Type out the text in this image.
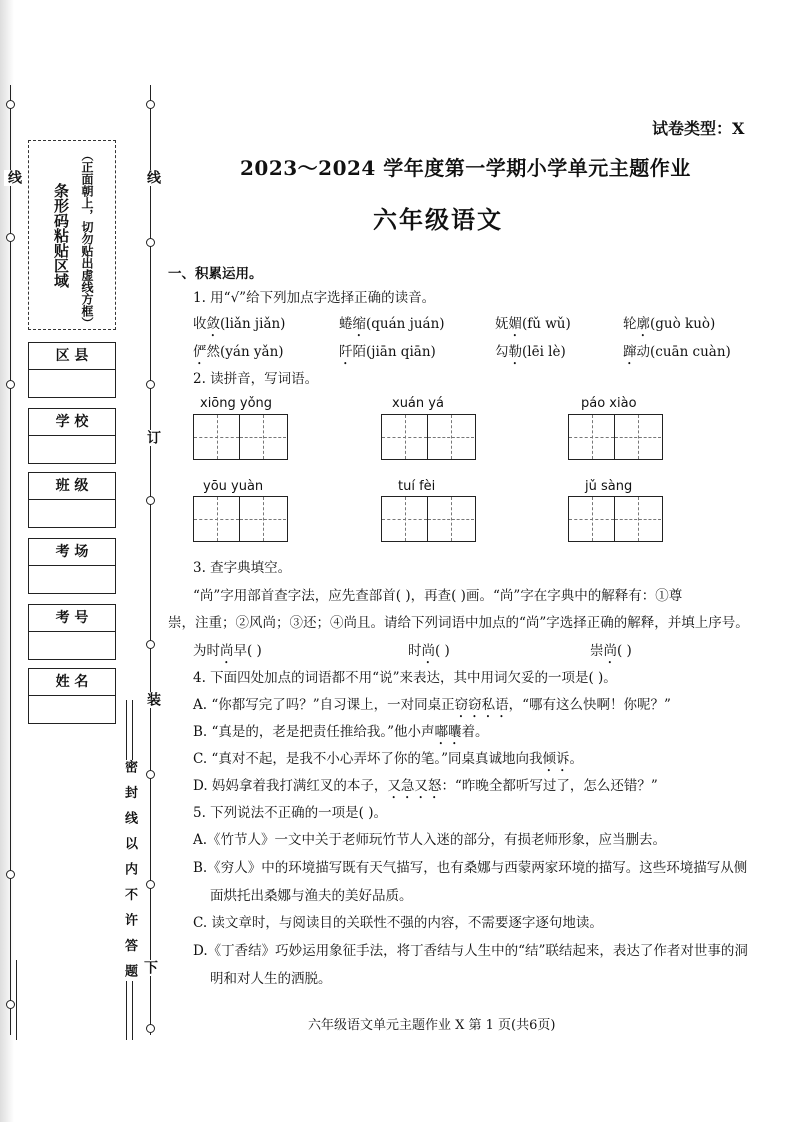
线	线
订
装
密 封 线 以 内 不 许 答 题 下
条形码粘贴区域 （正面朝上，切勿贴出虚线方框）
区 县
学 校
班 级
考 场
考 号
姓 名
试卷类型：X
2023～2024 学年度第一学期小学单元主题作业
六年级语文
一、积累运用。
1. 用“√”给下列加点字选择正确的读音。
收敛(liǎn jiǎn)	蜷缩(quán juán)	妩媚(fǔ wǔ)	轮廓(guò kuò)
俨然(yán yǎn)	阡陌(jiān qiān)	勾勒(lēi lè)	蹿动(cuān cuàn)
2. 读拼音，写词语。
xiōng yǒng	xuán yá	páo xiào
yōu yuàn	tuí fèi	jǔ sàng
3. 查字典填空。
“尚”字用部首查字法，应先查部首( )，再查( )画。“尚”字在字典中的解释有：①尊
崇，注重；②风尚；③还；④尚且。请给下列词语中加点的“尚”字选择正确的解释，并填上序号。
为时尚早( )	时尚( )	崇尚( )
4. 下面四处加点的词语都不用“说”来表达，其中用词欠妥的一项是( )。
A. “你都写完了吗？”自习课上，一对同桌正窃窃私语，“哪有这么快啊！你呢？”
B. “真是的，老是把责任推给我。”他小声嘟囔着。
C. “真对不起，是我不小心弄坏了你的笔。”同桌真诚地向我倾诉。
D. 妈妈拿着我打满红叉的本子，又急又怒：“昨晚全都听写过了，怎么还错？”
5. 下列说法不正确的一项是( )。
A.《竹节人》一文中关于老师玩竹节人入迷的部分，有损老师形象，应当删去。
B.《穷人》中的环境描写既有天气描写，也有桑娜与西蒙两家环境的描写。这些环境描写从侧
面烘托出桑娜与渔夫的美好品质。
C. 读文章时，与阅读目的关联性不强的内容，不需要逐字逐句地读。
D.《丁香结》巧妙运用象征手法，将丁香结与人生中的“结”联结起来，表达了作者对世事的洞
明和对人生的洒脱。
六年级语文单元主题作业 X 第 1 页(共6页)
